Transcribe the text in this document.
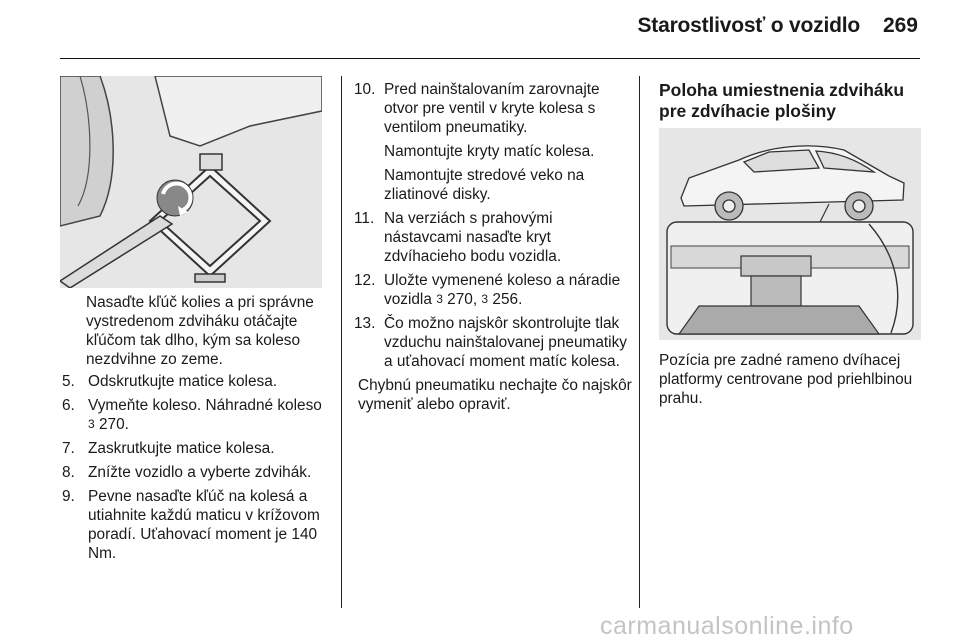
Starostlivosť o vozidlo 269
Nasaďte kľúč kolies a pri správne vystredenom zdviháku otáčajte kľúčom tak dlho, kým sa koleso nezdvihne zo zeme.
5. Odskrutkujte matice kolesa.
6. Vymeňte koleso. Náhradné koleso 3 270.
7. Zaskrutkujte matice kolesa.
8. Znížte vozidlo a vyberte zdvihák.
9. Pevne nasaďte kľúč na kolesá a utiahnite každú maticu v krížovom poradí. Uťahovací moment je 140 Nm.
10. Pred nainštalovaním zarovnajte otvor pre ventil v kryte kolesa s ventilom pneumatiky.

Namontujte kryty matíc kolesa.

Namontujte stredové veko na zliatinové disky.

11. Na verziách s prahovými nástavcami nasaďte kryt zdvíhacieho bodu vozidla.
12. Uložte vymenené koleso a náradie vozidla 3 270, 3 256.
13. Čo možno najskôr skontrolujte tlak vzduchu nainštalovanej pneumatiky a uťahovací moment matíc kolesa.
Chybnú pneumatiku nechajte čo najskôr vymeniť alebo opraviť.
Poloha umiestnenia zdviháku pre zdvíhacie plošiny
Pozícia pre zadné rameno dvíhacej platformy centrovane pod priehlbinou prahu.
carmanualsonline.info
